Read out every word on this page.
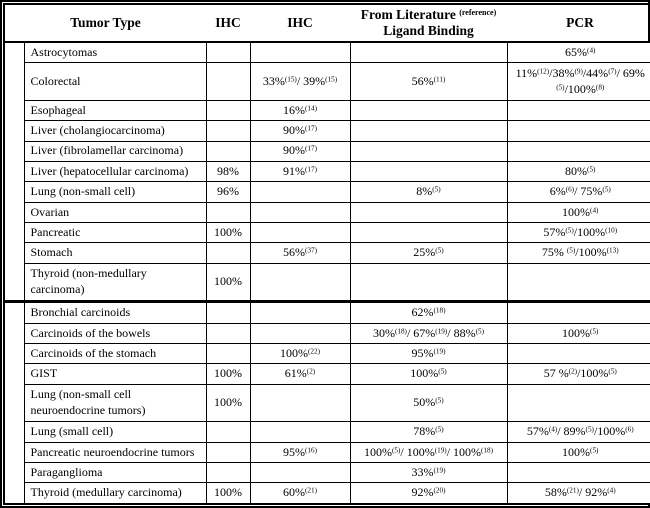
Tumor Type		IHC	IHC	From Literature $^{(reference)}$
Ligand Binding	PCR
	Astrocytomas				65%$^{(4)}$
	Colorectal		33%$^{(15)}$/ 39%$^{(15)}$	56%$^{(11)}$	11%$^{(12)}$/38%$^{(9)}$/44%$^{(7)}$/ 69%$^{(5)}$/100%$^{(8)}$
	Esophageal		16%$^{(14)}$		
	Liver (cholangiocarcinoma)		90%$^{(17)}$		
	Liver (fibrolamellar carcinoma)		90%$^{(17)}$		
	Liver (hepatocellular carcinoma)	98%	91%$^{(17)}$		80%$^{(5)}$
	Lung (non-small cell)	96%		8%$^{(5)}$	6%$^{(6)}$/ 75%$^{(5)}$
	Ovarian				100%$^{(4)}$
	Pancreatic	100%			57%$^{(5)}$/100%$^{(10)}$
	Stomach		56%$^{(37)}$	25%$^{(5)}$	75% $^{(5)}$/100%$^{(13)}$
	Thyroid (non-medullary carcinoma)	100%			
	Bronchial carcinoids			62%$^{(18)}$	
	Carcinoids of the bowels			30%$^{(18)}$/ 67%$^{(19)}$/ 88%$^{(5)}$	100%$^{(5)}$
	Carcinoids of the stomach		100%$^{(22)}$	95%$^{(19)}$	
	GIST	100%	61%$^{(2)}$	100%$^{(5)}$	57 %$^{(2)}$/100%$^{(5)}$
	Lung (non-small cell neuroendocrine tumors)	100%		50%$^{(5)}$	
	Lung (small cell)			78%$^{(5)}$	57%$^{(4)}$/ 89%$^{(5)}$/100%$^{(6)}$
	Pancreatic neuroendocrine tumors		95%$^{(16)}$	100%$^{(5)}$/ 100%$^{(19)}$/ 100%$^{(18)}$	100%$^{(5)}$
	Paraganglioma			33%$^{(19)}$	
	Thyroid (medullary carcinoma)	100%	60%$^{(21)}$	92%$^{(20)}$	58%$^{(21)}$/ 92%$^{(4)}$
